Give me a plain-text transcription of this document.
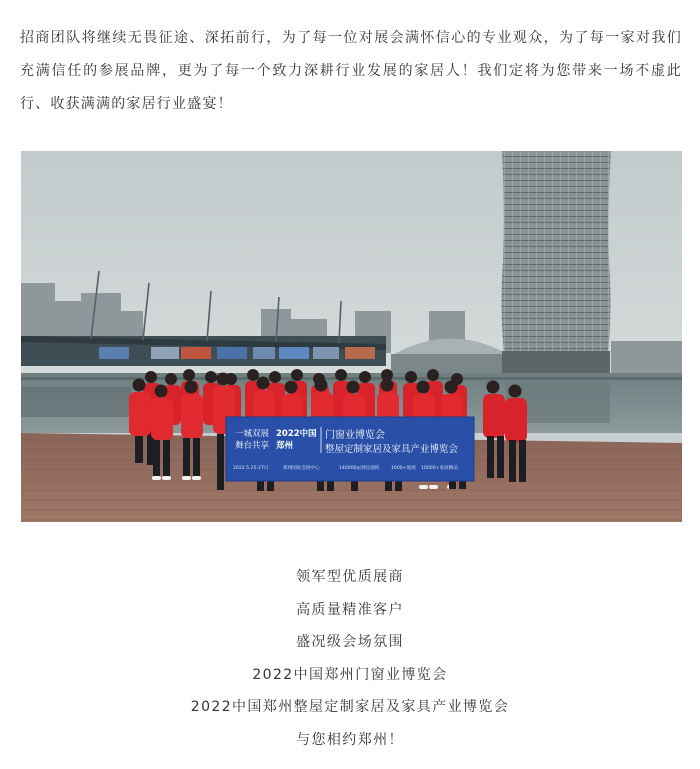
招商团队将继续无畏征途、深拓前行，为了每一位对展会满怀信心的专业观众，为了每一家对我们充满信任的参展品牌，更为了每一个致力深耕行业发展的家居人！我们定将为您带来一场不虚此行、收获满满的家居行业盛宴！

一城双展
舞台共享
2022中国
郑州
门窗业博览会
整屋定制家居及家具产业博览会
2022.5.25-27日	郑州国际会展中心	140000㎡展出面积 1000+展商 10000+家居精品

领军型优质展商

高质量精准客户

盛况级会场氛围

2022中国郑州门窗业博览会

2022中国郑州整屋定制家居及家具产业博览会

与您相约郑州！
